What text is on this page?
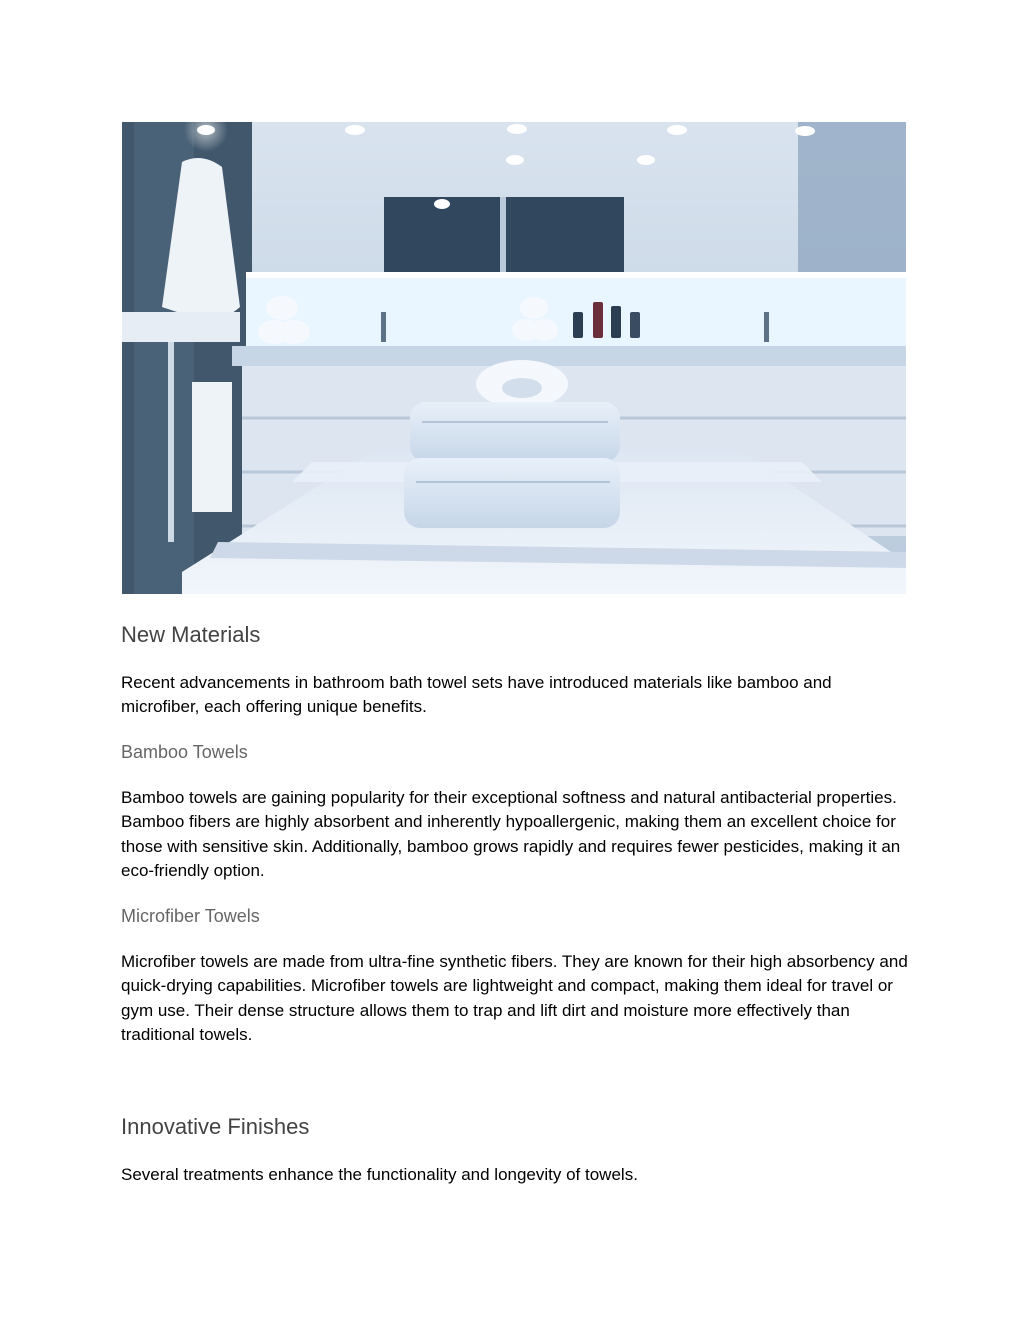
New Materials

Recent advancements in bathroom bath towel sets have introduced materials like bamboo and microfiber, each offering unique benefits.

Bamboo Towels

Bamboo towels are gaining popularity for their exceptional softness and natural antibacterial properties. Bamboo fibers are highly absorbent and inherently hypoallergenic, making them an excellent choice for those with sensitive skin. Additionally, bamboo grows rapidly and requires fewer pesticides, making it an eco-friendly option.

Microfiber Towels

Microfiber towels are made from ultra-fine synthetic fibers. They are known for their high absorbency and quick-drying capabilities. Microfiber towels are lightweight and compact, making them ideal for travel or gym use. Their dense structure allows them to trap and lift dirt and moisture more effectively than traditional towels.

Innovative Finishes

Several treatments enhance the functionality and longevity of towels.
